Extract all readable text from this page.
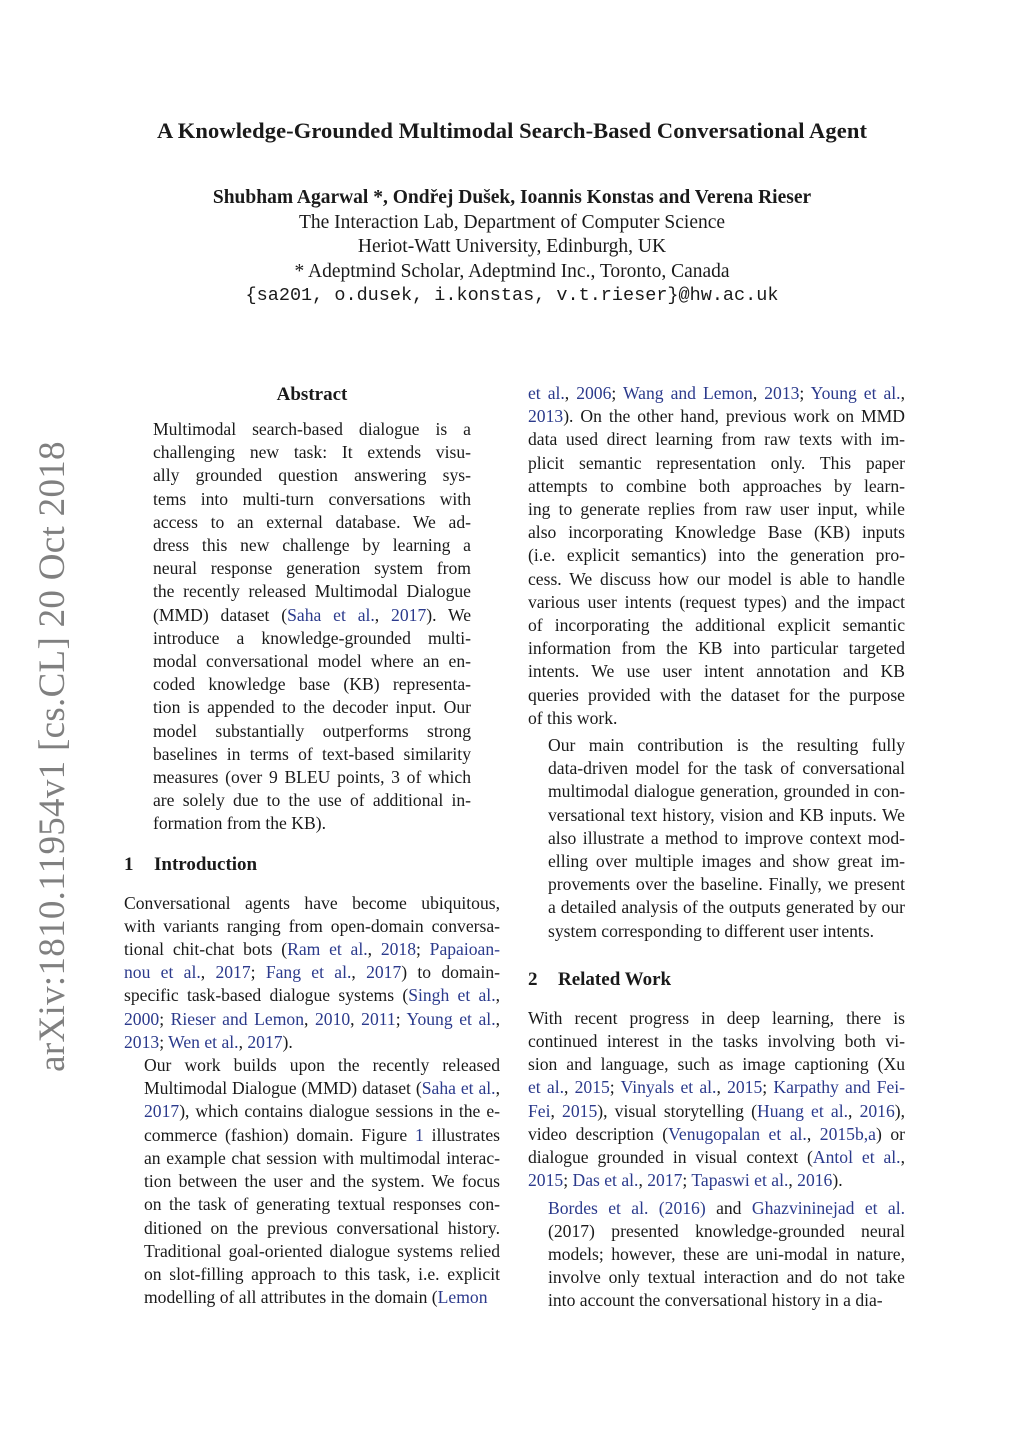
arXiv:1810.11954v1 [cs.CL] 20 Oct 2018
A Knowledge-Grounded Multimodal Search-Based Conversational Agent
Shubham Agarwal *, Ondřej Dušek, Ioannis Konstas and Verena Rieser
The Interaction Lab, Department of Computer Science
Heriot-Watt University, Edinburgh, UK
* Adeptmind Scholar, Adeptmind Inc., Toronto, Canada
{sa201, o.dusek, i.konstas, v.t.rieser}@hw.ac.uk
Abstract
Multimodal search-based dialogue is a
challenging new task: It extends visu-
ally grounded question answering sys-
tems into multi-turn conversations with
access to an external database. We ad-
dress this new challenge by learning a
neural response generation system from
the recently released Multimodal Dialogue
(MMD) dataset (Saha et al., 2017). We
introduce a knowledge-grounded multi-
modal conversational model where an en-
coded knowledge base (KB) representa-
tion is appended to the decoder input. Our
model substantially outperforms strong
baselines in terms of text-based similarity
measures (over 9 BLEU points, 3 of which
are solely due to the use of additional in-
formation from the KB).
1 Introduction

Conversational agents have become ubiquitous,
with variants ranging from open-domain conversa-
tional chit-chat bots (Ram et al., 2018; Papaioan-
nou et al., 2017; Fang et al., 2017) to domain-
specific task-based dialogue systems (Singh et al.,
2000; Rieser and Lemon, 2010, 2011; Young et al.,
2013; Wen et al., 2017).

Our work builds upon the recently released
Multimodal Dialogue (MMD) dataset (Saha et al.,
2017), which contains dialogue sessions in the e-
commerce (fashion) domain. Figure 1 illustrates
an example chat session with multimodal interac-
tion between the user and the system. We focus
on the task of generating textual responses con-
ditioned on the previous conversational history.
Traditional goal-oriented dialogue systems relied
on slot-filling approach to this task, i.e. explicit
modelling of all attributes in the domain (Lemon

et al., 2006; Wang and Lemon, 2013; Young et al.,
2013). On the other hand, previous work on MMD
data used direct learning from raw texts with im-
plicit semantic representation only. This paper
attempts to combine both approaches by learn-
ing to generate replies from raw user input, while
also incorporating Knowledge Base (KB) inputs
(i.e. explicit semantics) into the generation pro-
cess. We discuss how our model is able to handle
various user intents (request types) and the impact
of incorporating the additional explicit semantic
information from the KB into particular targeted
intents. We use user intent annotation and KB
queries provided with the dataset for the purpose
of this work.

Our main contribution is the resulting fully
data-driven model for the task of conversational
multimodal dialogue generation, grounded in con-
versational text history, vision and KB inputs. We
also illustrate a method to improve context mod-
elling over multiple images and show great im-
provements over the baseline. Finally, we present
a detailed analysis of the outputs generated by our
system corresponding to different user intents.

2 Related Work

With recent progress in deep learning, there is
continued interest in the tasks involving both vi-
sion and language, such as image captioning (Xu
et al., 2015; Vinyals et al., 2015; Karpathy and Fei-
Fei, 2015), visual storytelling (Huang et al., 2016),
video description (Venugopalan et al., 2015b,a) or
dialogue grounded in visual context (Antol et al.,
2015; Das et al., 2017; Tapaswi et al., 2016).

Bordes et al. (2016) and Ghazvininejad et al.
(2017) presented knowledge-grounded neural
models; however, these are uni-modal in nature,
involve only textual interaction and do not take
into account the conversational history in a dia-
